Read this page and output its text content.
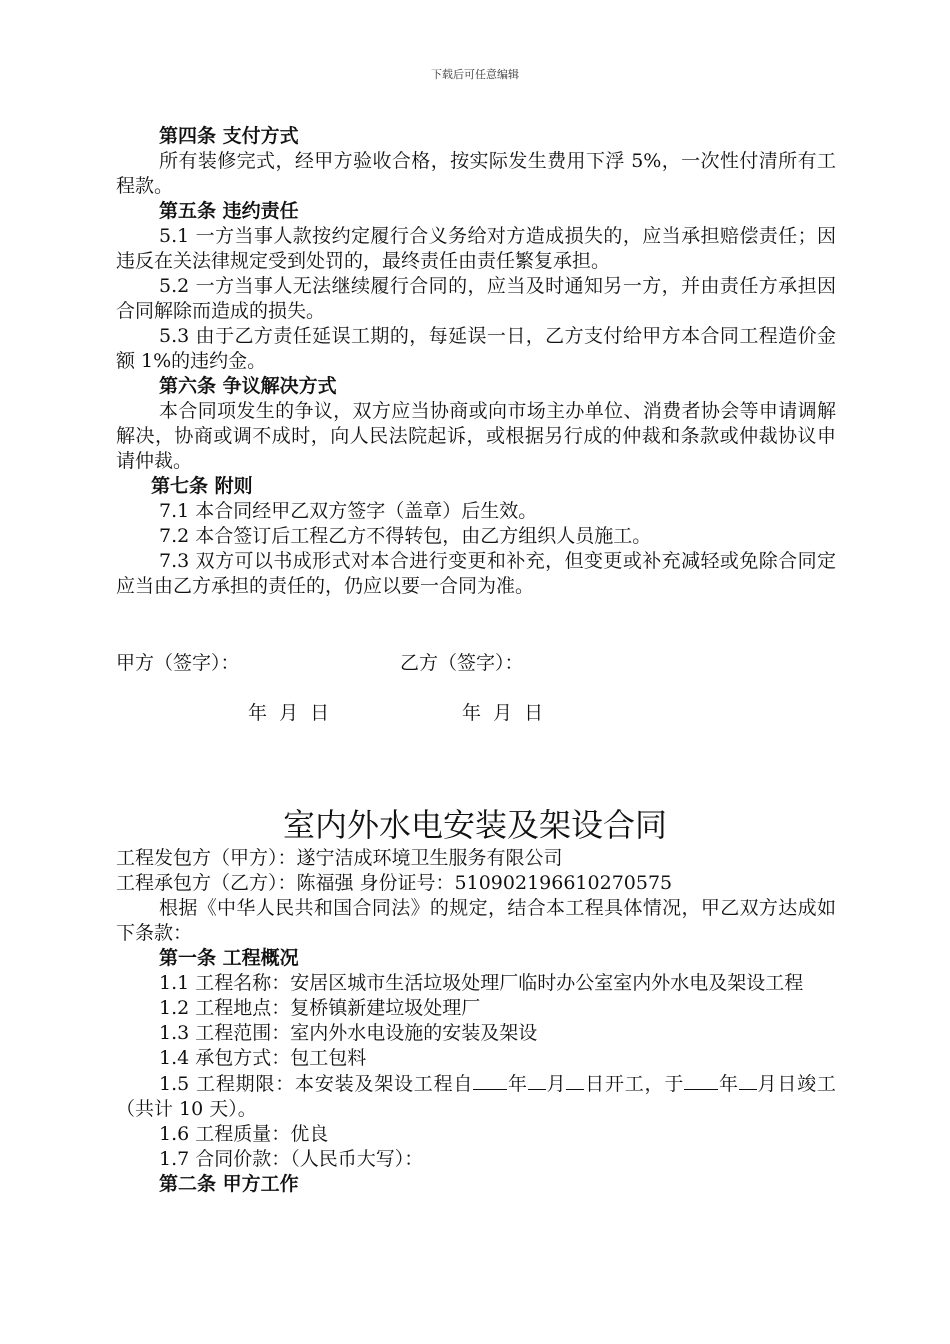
下载后可任意编辑

第四条 支付方式

所有装修完式，经甲方验收合格，按实际发生费用下浮 5%，一次性付清所有工程款。

第五条 违约责任

5.1 一方当事人款按约定履行合义务给对方造成损失的，应当承担赔偿责任；因违反在关法律规定受到处罚的，最终责任由责任繁复承担。

5.2 一方当事人无法继续履行合同的，应当及时通知另一方，并由责任方承担因合同解除而造成的损失。

5.3 由于乙方责任延误工期的，每延误一日，乙方支付给甲方本合同工程造价金额 1%的违约金。

第六条 争议解决方式

本合同项发生的争议，双方应当协商或向市场主办单位、消费者协会等申请调解解决，协商或调不成时，向人民法院起诉，或根据另行成的仲裁和条款或仲裁协议申请仲裁。

第七条 附则

7.1 本合同经甲乙双方签字（盖章）后生效。

7.2 本合签订后工程乙方不得转包，由乙方组织人员施工。

7.3 双方可以书成形式对本合进行变更和补充，但变更或补充减轻或免除合同定应当由乙方承担的责任的，仍应以要一合同为准。

甲方（签字）：	乙方（签字）：
年  月  日	年  月  日
室内外水电安装及架设合同

工程发包方（甲方）：遂宁洁成环境卫生服务有限公司

工程承包方（乙方）：陈福强 身份证号：510902196610270575

根据《中华人民共和国合同法》的规定，结合本工程具体情况，甲乙双方达成如下条款：

第一条 工程概况

1.1 工程名称：安居区城市生活垃圾处理厂临时办公室室内外水电及架设工程

1.2 工程地点：复桥镇新建垃圾处理厂

1.3 工程范围：室内外水电设施的安装及架设

1.4 承包方式：包工包料

1.5 工程期限：本安装及架设工程自 年 月 日开工，于 年 月日竣工（共计 10 天）。

1.6 工程质量：优良

1.7 合同价款：（人民币大写）：

第二条 甲方工作
